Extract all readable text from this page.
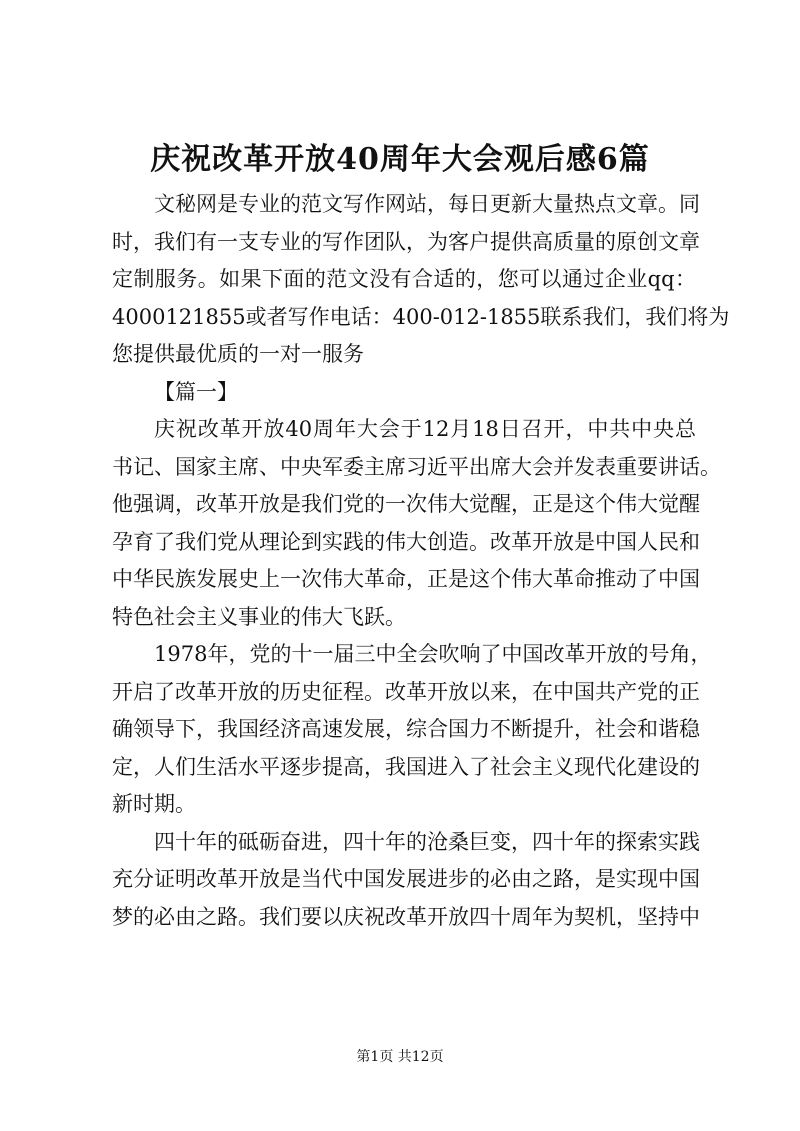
庆祝改革开放40周年大会观后感6篇
文秘网是专业的范文写作网站，每日更新大量热点文章。同
时，我们有一支专业的写作团队，为客户提供高质量的原创文章
定制服务。如果下面的范文没有合适的，您可以通过企业qq：
4000121855或者写作电话：400-012-1855联系我们，我们将为
您提供最优质的一对一服务
【篇一】
庆祝改革开放40周年大会于12月18日召开，中共中央总
书记、国家主席、中央军委主席习近平出席大会并发表重要讲话。
他强调，改革开放是我们党的一次伟大觉醒，正是这个伟大觉醒
孕育了我们党从理论到实践的伟大创造。改革开放是中国人民和
中华民族发展史上一次伟大革命，正是这个伟大革命推动了中国
特色社会主义事业的伟大飞跃。
1978年，党的十一届三中全会吹响了中国改革开放的号角，
开启了改革开放的历史征程。改革开放以来，在中国共产党的正
确领导下，我国经济高速发展，综合国力不断提升，社会和谐稳
定，人们生活水平逐步提高，我国进入了社会主义现代化建设的
新时期。
四十年的砥砺奋进，四十年的沧桑巨变，四十年的探索实践
充分证明改革开放是当代中国发展进步的必由之路，是实现中国
梦的必由之路。我们要以庆祝改革开放四十周年为契机，坚持中
第1页 共12页
